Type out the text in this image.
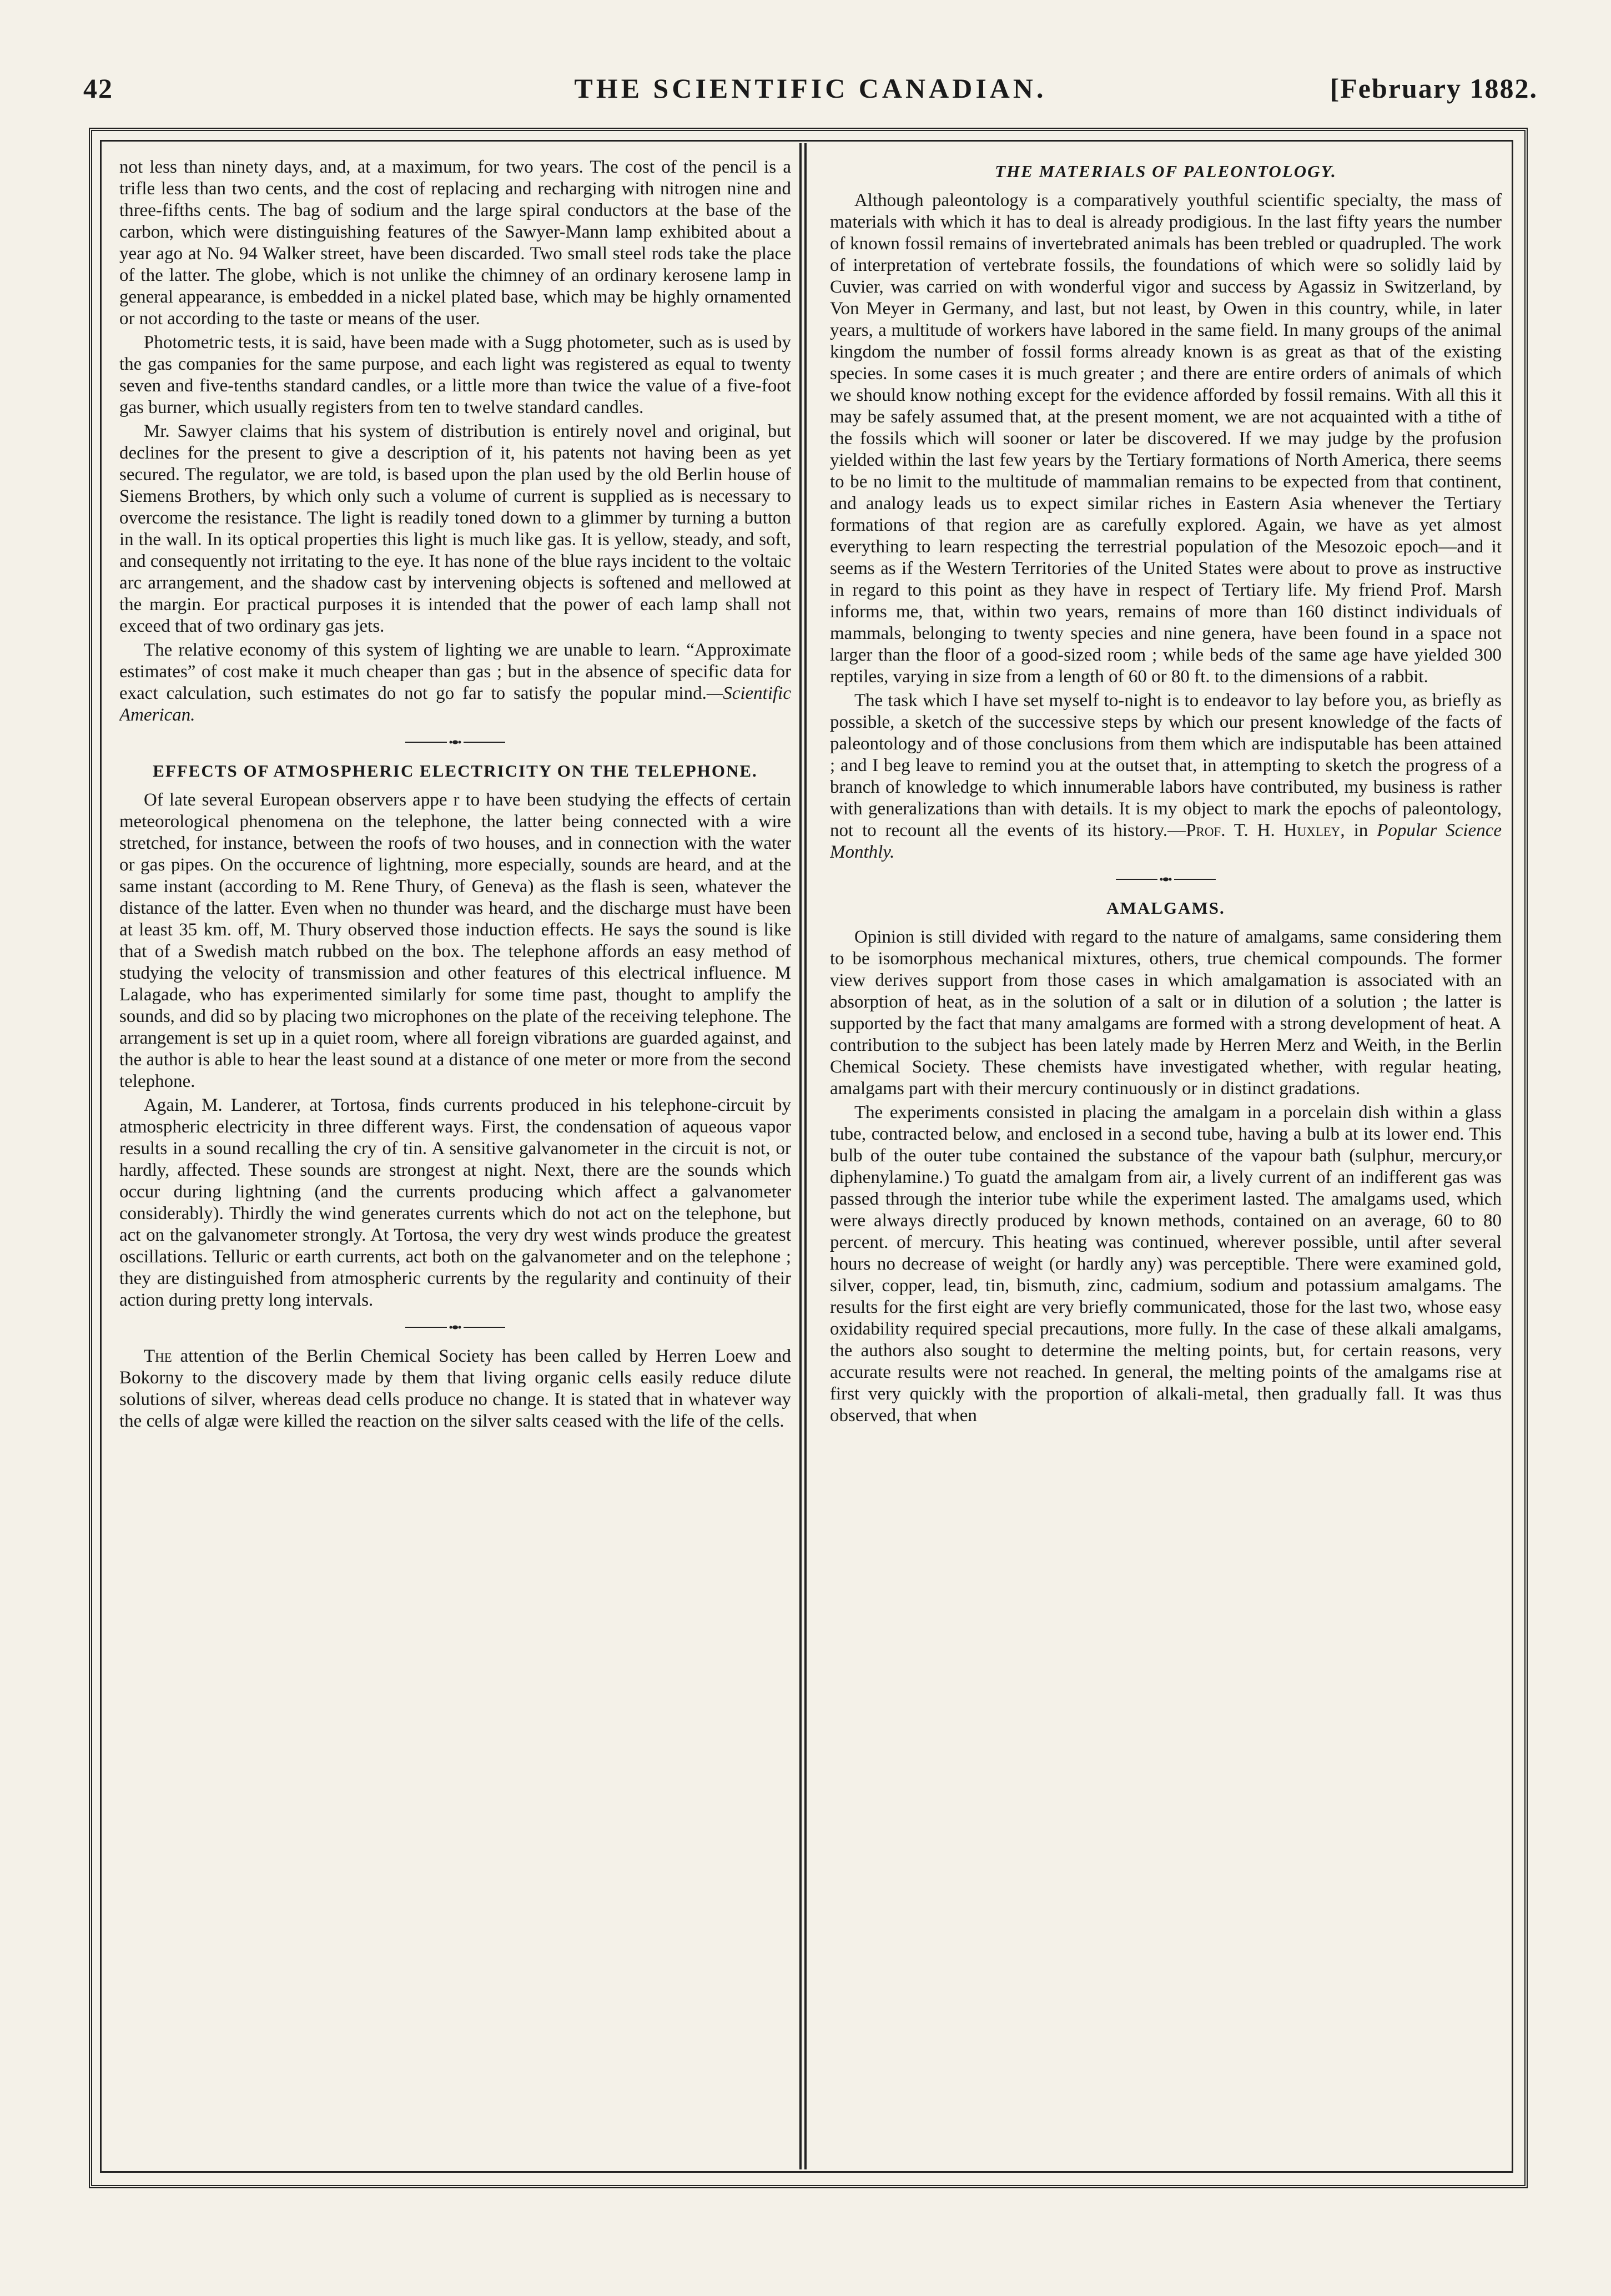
42	THE SCIENTIFIC CANADIAN.	[February 1882.

not less than ninety days, and, at a maximum, for two years. The cost of the pencil is a trifle less than two cents, and the cost of replacing and recharging with nitrogen nine and three-fifths cents. The bag of sodium and the large spiral conductors at the base of the carbon, which were distinguishing features of the Sawyer-Mann lamp exhibited about a year ago at No. 94 Walker street, have been discarded. Two small steel rods take the place of the latter. The globe, which is not unlike the chimney of an ordinary kerosene lamp in general appearance, is embedded in a nickel plated base, which may be highly ornamented or not according to the taste or means of the user.

Photometric tests, it is said, have been made with a Sugg photometer, such as is used by the gas companies for the same purpose, and each light was registered as equal to twenty seven and five-tenths standard candles, or a little more than twice the value of a five-foot gas burner, which usually registers from ten to twelve standard candles.

Mr. Sawyer claims that his system of distribution is entirely novel and original, but declines for the present to give a description of it, his patents not having been as yet secured. The regulator, we are told, is based upon the plan used by the old Berlin house of Siemens Brothers, by which only such a volume of current is supplied as is necessary to overcome the resistance. The light is readily toned down to a glimmer by turning a button in the wall. In its optical properties this light is much like gas. It is yellow, steady, and soft, and consequently not irritating to the eye. It has none of the blue rays incident to the voltaic arc arrangement, and the shadow cast by intervening objects is softened and mellowed at the margin. Eor practical purposes it is intended that the power of each lamp shall not exceed that of two ordinary gas jets.

The relative economy of this system of lighting we are unable to learn. “Approximate estimates” of cost make it much cheaper than gas ; but in the absence of specific data for exact calculation, such estimates do not go far to satisfy the popular mind.—Scientific American.

EFFECTS OF ATMOSPHERIC ELECTRICITY ON THE TELEPHONE.

Of late several European observers appe r to have been studying the effects of certain meteorological phenomena on the telephone, the latter being connected with a wire stretched, for instance, between the roofs of two houses, and in connection with the water or gas pipes. On the occurence of lightning, more especially, sounds are heard, and at the same instant (according to M. Rene Thury, of Geneva) as the flash is seen, whatever the distance of the latter. Even when no thunder was heard, and the discharge must have been at least 35 km. off, M. Thury observed those induction effects. He says the sound is like that of a Swedish match rubbed on the box. The telephone affords an easy method of studying the velocity of transmission and other features of this electrical influence. M Lalagade, who has experimented similarly for some time past, thought to amplify the sounds, and did so by placing two microphones on the plate of the receiving telephone. The arrangement is set up in a quiet room, where all foreign vibrations are guarded against, and the author is able to hear the least sound at a distance of one meter or more from the second telephone.

Again, M. Landerer, at Tortosa, finds currents produced in his telephone-circuit by atmospheric electricity in three different ways. First, the condensation of aqueous vapor results in a sound recalling the cry of tin. A sensitive galvanometer in the circuit is not, or hardly, affected. These sounds are strongest at night. Next, there are the sounds which occur during lightning (and the currents producing which affect a galvanometer considerably). Thirdly the wind generates currents which do not act on the telephone, but act on the galvanometer strongly. At Tortosa, the very dry west winds produce the greatest oscillations. Telluric or earth currents, act both on the galvanometer and on the telephone ; they are distinguished from atmospheric currents by the regularity and continuity of their action during pretty long intervals.

The attention of the Berlin Chemical Society has been called by Herren Loew and Bokorny to the discovery made by them that living organic cells easily reduce dilute solutions of silver, whereas dead cells produce no change. It is stated that in whatever way the cells of algæ were killed the reaction on the silver salts ceased with the life of the cells.

THE MATERIALS OF PALEONTOLOGY.

Although paleontology is a comparatively youthful scientific specialty, the mass of materials with which it has to deal is already prodigious. In the last fifty years the number of known fossil remains of invertebrated animals has been trebled or quadrupled. The work of interpretation of vertebrate fossils, the foundations of which were so solidly laid by Cuvier, was carried on with wonderful vigor and success by Agassiz in Switzerland, by Von Meyer in Germany, and last, but not least, by Owen in this country, while, in later years, a multitude of workers have labored in the same field. In many groups of the animal kingdom the number of fossil forms already known is as great as that of the existing species. In some cases it is much greater ; and there are entire orders of animals of which we should know nothing except for the evidence afforded by fossil remains. With all this it may be safely assumed that, at the present moment, we are not acquainted with a tithe of the fossils which will sooner or later be discovered. If we may judge by the profusion yielded within the last few years by the Tertiary formations of North America, there seems to be no limit to the multitude of mammalian remains to be expected from that continent, and analogy leads us to expect similar riches in Eastern Asia whenever the Tertiary formations of that region are as carefully explored. Again, we have as yet almost everything to learn respecting the terrestrial population of the Mesozoic epoch—and it seems as if the Western Territories of the United States were about to prove as instructive in regard to this point as they have in respect of Tertiary life. My friend Prof. Marsh informs me, that, within two years, remains of more than 160 distinct individuals of mammals, belonging to twenty species and nine genera, have been found in a space not larger than the floor of a good-sized room ; while beds of the same age have yielded 300 reptiles, varying in size from a length of 60 or 80 ft. to the dimensions of a rabbit.

The task which I have set myself to-night is to endeavor to lay before you, as briefly as possible, a sketch of the successive steps by which our present knowledge of the facts of paleontology and of those conclusions from them which are indisputable has been attained ; and I beg leave to remind you at the outset that, in attempting to sketch the progress of a branch of knowledge to which innumerable labors have contributed, my business is rather with generalizations than with details. It is my object to mark the epochs of paleontology, not to recount all the events of its history.—Prof. T. H. Huxley, in Popular Science Monthly.

AMALGAMS.

Opinion is still divided with regard to the nature of amalgams, same considering them to be isomorphous mechanical mixtures, others, true chemical compounds. The former view derives support from those cases in which amalgamation is associated with an absorption of heat, as in the solution of a salt or in dilution of a solution ; the latter is supported by the fact that many amalgams are formed with a strong development of heat. A contribution to the subject has been lately made by Herren Merz and Weith, in the Berlin Chemical Society. These chemists have investigated whether, with regular heating, amalgams part with their mercury continuously or in distinct gradations.

The experiments consisted in placing the amalgam in a porcelain dish within a glass tube, contracted below, and enclosed in a second tube, having a bulb at its lower end. This bulb of the outer tube contained the substance of the vapour bath (sulphur, mercury,or diphenylamine.) To guatd the amalgam from air, a lively current of an indifferent gas was passed through the interior tube while the experiment lasted. The amalgams used, which were always directly produced by known methods, contained on an average, 60 to 80 percent. of mercury. This heating was continued, wherever possible, until after several hours no decrease of weight (or hardly any) was perceptible. There were examined gold, silver, copper, lead, tin, bismuth, zinc, cadmium, sodium and potassium amalgams. The results for the first eight are very briefly communicated, those for the last two, whose easy oxidability required special precautions, more fully. In the case of these alkali amalgams, the authors also sought to determine the melting points, but, for certain reasons, very accurate results were not reached. In general, the melting points of the amalgams rise at first very quickly with the proportion of alkali-metal, then gradually fall. It was thus observed, that when
